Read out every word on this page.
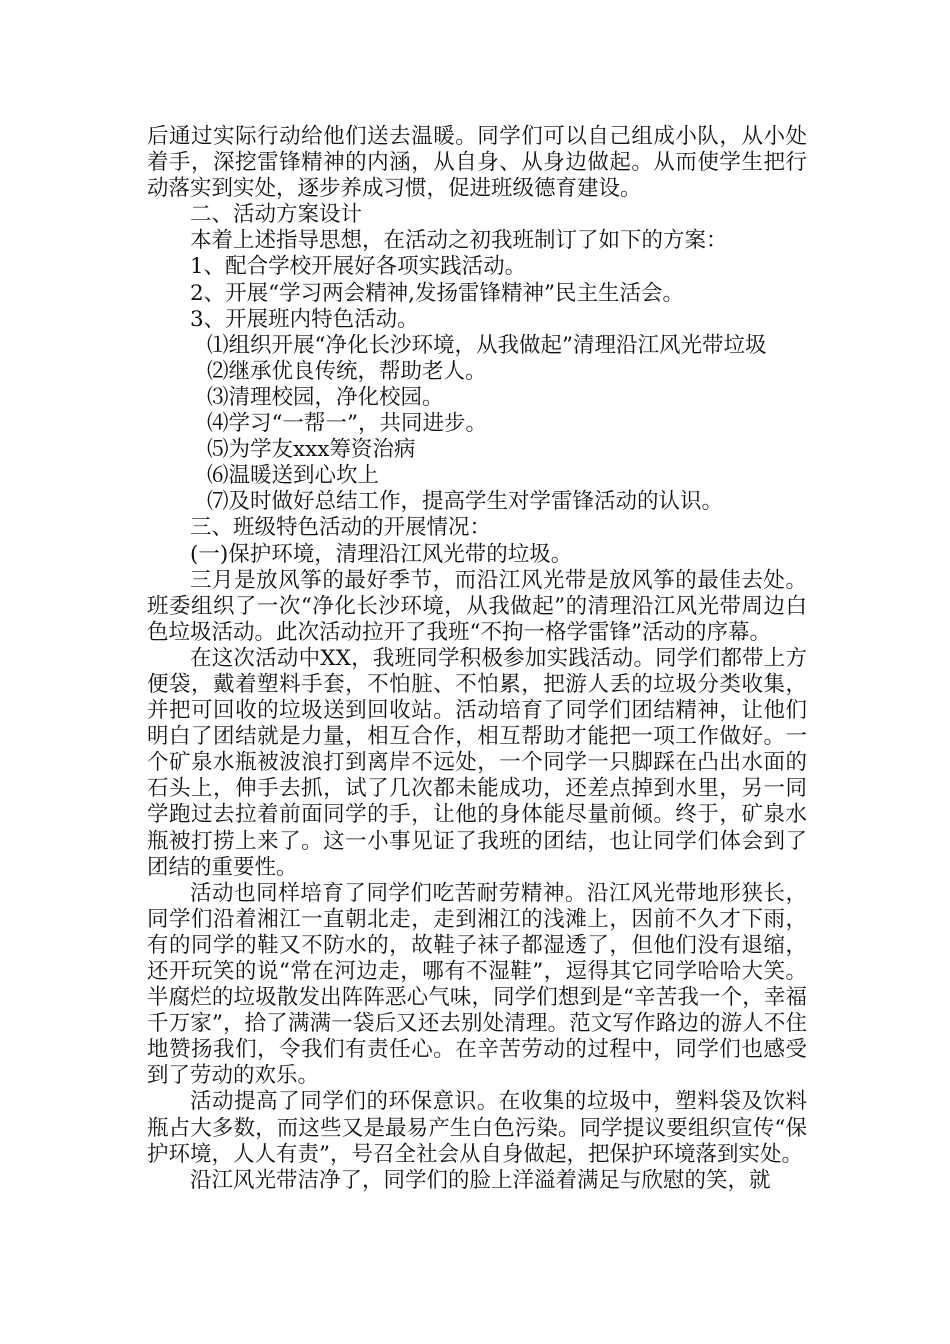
后通过实际行动给他们送去温暖。同学们可以自己组成小队，从小处着手，深挖雷锋精神的内涵，从自身、从身边做起。从而使学生把行动落实到实处，逐步养成习惯，促进班级德育建设。

二、活动方案设计

本着上述指导思想，在活动之初我班制订了如下的方案：

1、配合学校开展好各项实践活动。

2、开展“学习两会精神,发扬雷锋精神”民主生活会。

3、开展班内特色活动。

⑴组织开展“净化长沙环境，从我做起”清理沿江风光带垃圾

⑵继承优良传统，帮助老人。

⑶清理校园，净化校园。

⑷学习“一帮一”，共同进步。

⑸为学友xxx筹资治病

⑹温暖送到心坎上

⑺及时做好总结工作，提高学生对学雷锋活动的认识。

三、班级特色活动的开展情况：

(一)保护环境，清理沿江风光带的垃圾。

三月是放风筝的最好季节，而沿江风光带是放风筝的最佳去处。班委组织了一次“净化长沙环境，从我做起”的清理沿江风光带周边白色垃圾活动。此次活动拉开了我班“不拘一格学雷锋”活动的序幕。

在这次活动中XX，我班同学积极参加实践活动。同学们都带上方便袋，戴着塑料手套，不怕脏、不怕累，把游人丢的垃圾分类收集，并把可回收的垃圾送到回收站。活动培育了同学们团结精神，让他们明白了团结就是力量，相互合作，相互帮助才能把一项工作做好。一个矿泉水瓶被波浪打到离岸不远处，一个同学一只脚踩在凸出水面的石头上，伸手去抓，试了几次都未能成功，还差点掉到水里，另一同学跑过去拉着前面同学的手，让他的身体能尽量前倾。终于，矿泉水瓶被打捞上来了。这一小事见证了我班的团结，也让同学们体会到了团结的重要性。

活动也同样培育了同学们吃苦耐劳精神。沿江风光带地形狭长，同学们沿着湘江一直朝北走，走到湘江的浅滩上，因前不久才下雨，有的同学的鞋又不防水的，故鞋子袜子都湿透了，但他们没有退缩，还开玩笑的说“常在河边走，哪有不湿鞋”，逗得其它同学哈哈大笑。半腐烂的垃圾散发出阵阵恶心气味，同学们想到是“辛苦我一个，幸福千万家”，拾了满满一袋后又还去别处清理。范文写作路边的游人不住地赞扬我们，令我们有责任心。在辛苦劳动的过程中，同学们也感受到了劳动的欢乐。

活动提高了同学们的环保意识。在收集的垃圾中，塑料袋及饮料瓶占大多数，而这些又是最易产生白色污染。同学提议要组织宣传“保护环境，人人有责”，号召全社会从自身做起，把保护环境落到实处。

沿江风光带洁净了，同学们的脸上洋溢着满足与欣慰的笑，就
